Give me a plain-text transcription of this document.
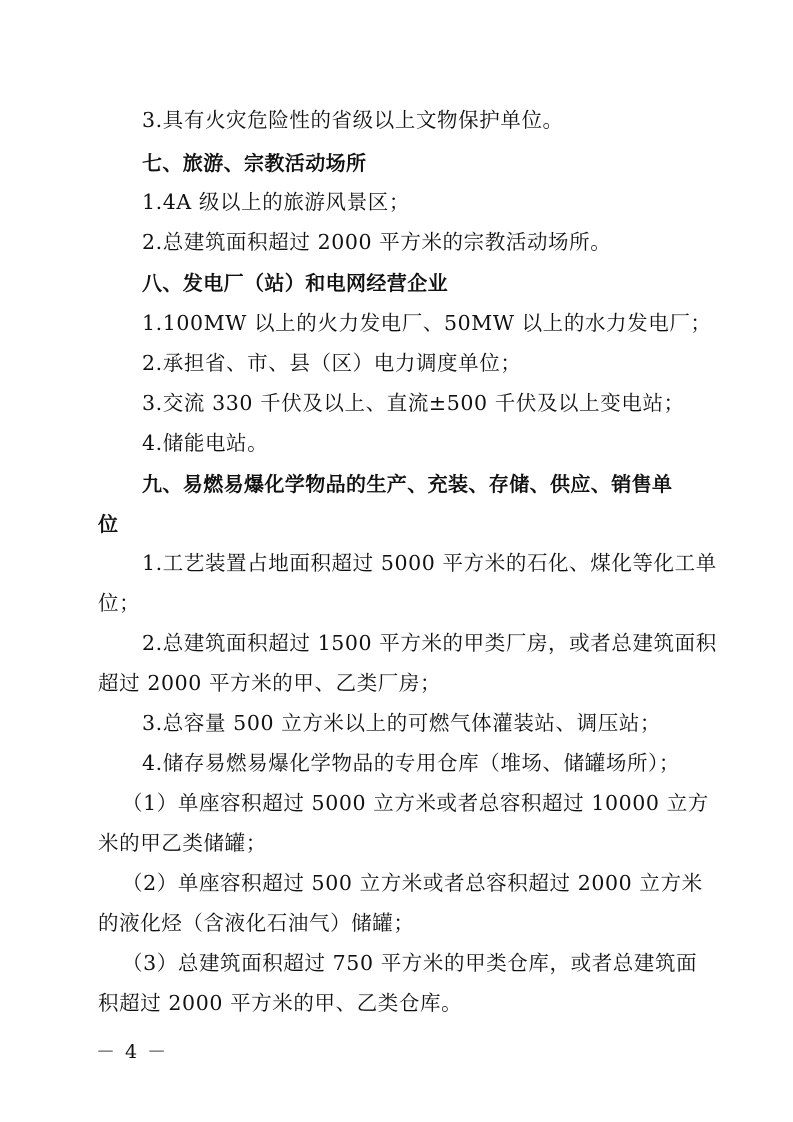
3.具有火灾危险性的省级以上文物保护单位。
七、旅游、宗教活动场所
1.4A 级以上的旅游风景区；
2.总建筑面积超过 2000 平方米的宗教活动场所。
八、发电厂（站）和电网经营企业
1.100MW 以上的火力发电厂、50MW 以上的水力发电厂；
2.承担省、市、县（区）电力调度单位；
3.交流 330 千伏及以上、直流±500 千伏及以上变电站；
4.储能电站。
九、易燃易爆化学物品的生产、充装、存储、供应、销售单
位
1.工艺装置占地面积超过 5000 平方米的石化、煤化等化工单
位；
2.总建筑面积超过 1500 平方米的甲类厂房，或者总建筑面积
超过 2000 平方米的甲、乙类厂房；
3.总容量 500 立方米以上的可燃气体灌装站、调压站；
4.储存易燃易爆化学物品的专用仓库（堆场、储罐场所）；
（1）单座容积超过 5000 立方米或者总容积超过 10000 立方
米的甲乙类储罐；
（2）单座容积超过 500 立方米或者总容积超过 2000 立方米
的液化烃（含液化石油气）储罐；
（3）总建筑面积超过 750 平方米的甲类仓库，或者总建筑面
积超过 2000 平方米的甲、乙类仓库。
－ 4 －
